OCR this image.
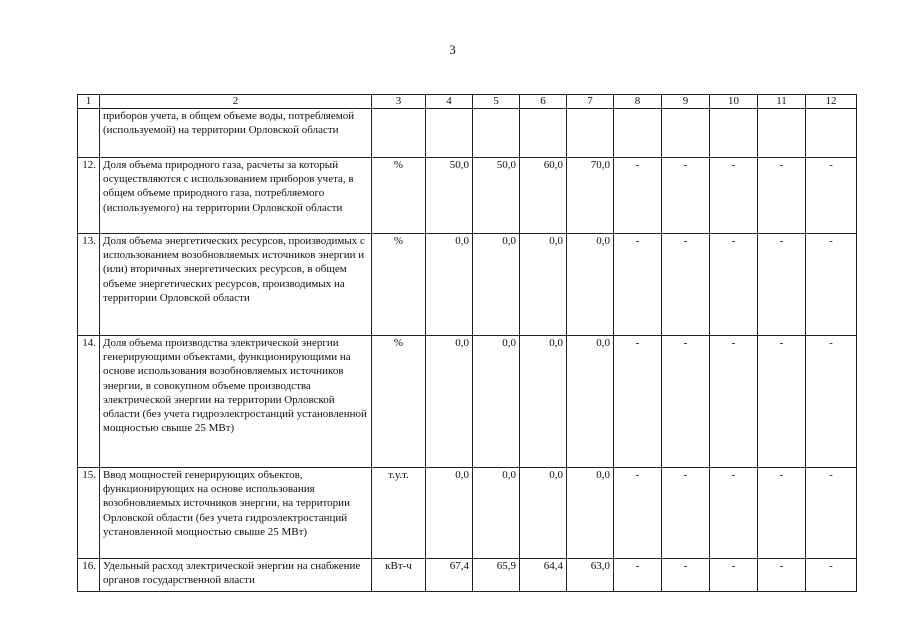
3
1	2	3	4	5	6	7	8	9	10	11	12
	приборов учета, в общем объеме воды, потребляемой (используемой) на территории Орловской области										
12.	Доля объема природного газа, расчеты за который осуществляются с использованием приборов учета, в общем объеме природного газа, потребляемого (используемого) на территории Орловской области	%	50,0	50,0	60,0	70,0	-	-	-	-	-
13.	Доля объема энергетических ресурсов, производимых с использованием возобновляемых источников энергии и (или) вторичных энергетических ресурсов, в общем объеме энергетических ресурсов, производимых на территории Орловской области	%	0,0	0,0	0,0	0,0	-	-	-	-	-
14.	Доля объема производства электрической энергии генерирующими объектами, функционирующими на основе использования возобновляемых источников энергии, в совокупном объеме производства электрической энергии на территории Орловской области (без учета гидроэлектростанций установленной мощностью свыше 25 МВт)	%	0,0	0,0	0,0	0,0	-	-	-	-	-
15.	Ввод мощностей генерирующих объектов, функционирующих на основе использования возобновляемых источников энергии, на территории Орловской области (без учета гидроэлектростанций установленной мощностью свыше 25 МВт)	т.у.т.	0,0	0,0	0,0	0,0	-	-	-	-	-
16.	Удельный расход электрической энергии на снабжение органов государственной власти	кВт-ч	67,4	65,9	64,4	63,0	-	-	-	-	-
